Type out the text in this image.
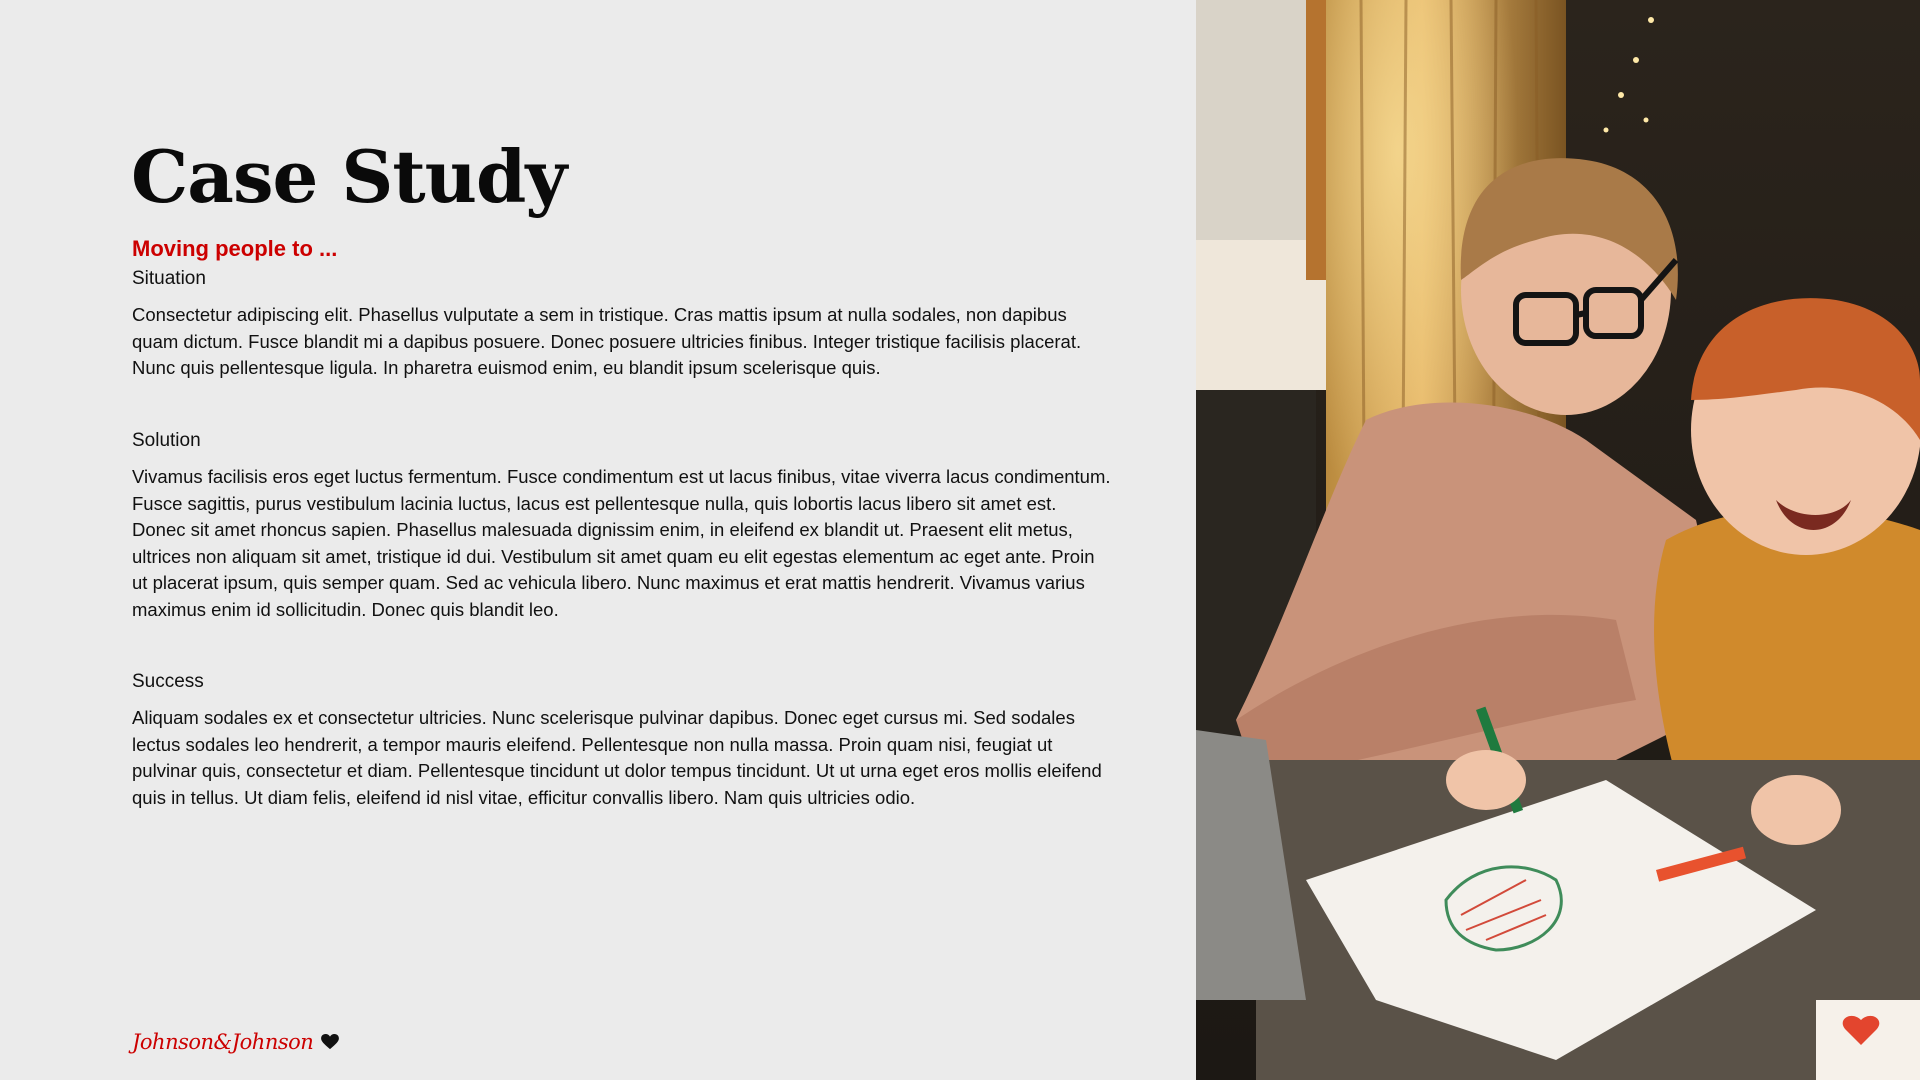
Case Study
Moving people to ...
Situation

Consectetur adipiscing elit. Phasellus vulputate a sem in tristique. Cras mattis ipsum at nulla sodales, non dapibus quam dictum. Fusce blandit mi a dapibus posuere. Donec posuere ultricies finibus. Integer tristique facilisis placerat. Nunc quis pellentesque ligula. In pharetra euismod enim, eu blandit ipsum scelerisque quis.

Solution

Vivamus facilisis eros eget luctus fermentum. Fusce condimentum est ut lacus finibus, vitae viverra lacus condimentum. Fusce sagittis, purus vestibulum lacinia luctus, lacus est pellentesque nulla, quis lobortis lacus libero sit amet est. Donec sit amet rhoncus sapien. Phasellus malesuada dignissim enim, in eleifend ex blandit ut. Praesent elit metus, ultrices non aliquam sit amet, tristique id dui. Vestibulum sit amet quam eu elit egestas elementum ac eget ante. Proin ut placerat ipsum, quis semper quam. Sed ac vehicula libero. Nunc maximus et erat mattis hendrerit. Vivamus varius maximus enim id sollicitudin. Donec quis blandit leo.

Success

Aliquam sodales ex et consectetur ultricies. Nunc scelerisque pulvinar dapibus. Donec eget cursus mi. Sed sodales lectus sodales leo hendrerit, a tempor mauris eleifend. Pellentesque non nulla massa. Proin quam nisi, feugiat ut pulvinar quis, consectetur et diam. Pellentesque tincidunt ut dolor tempus tincidunt. Ut ut urna eget eros mollis eleifend quis in tellus. Ut diam felis, eleifend id nisl vitae, efficitur convallis libero. Nam quis ultricies odio.

Johnson&Johnson
